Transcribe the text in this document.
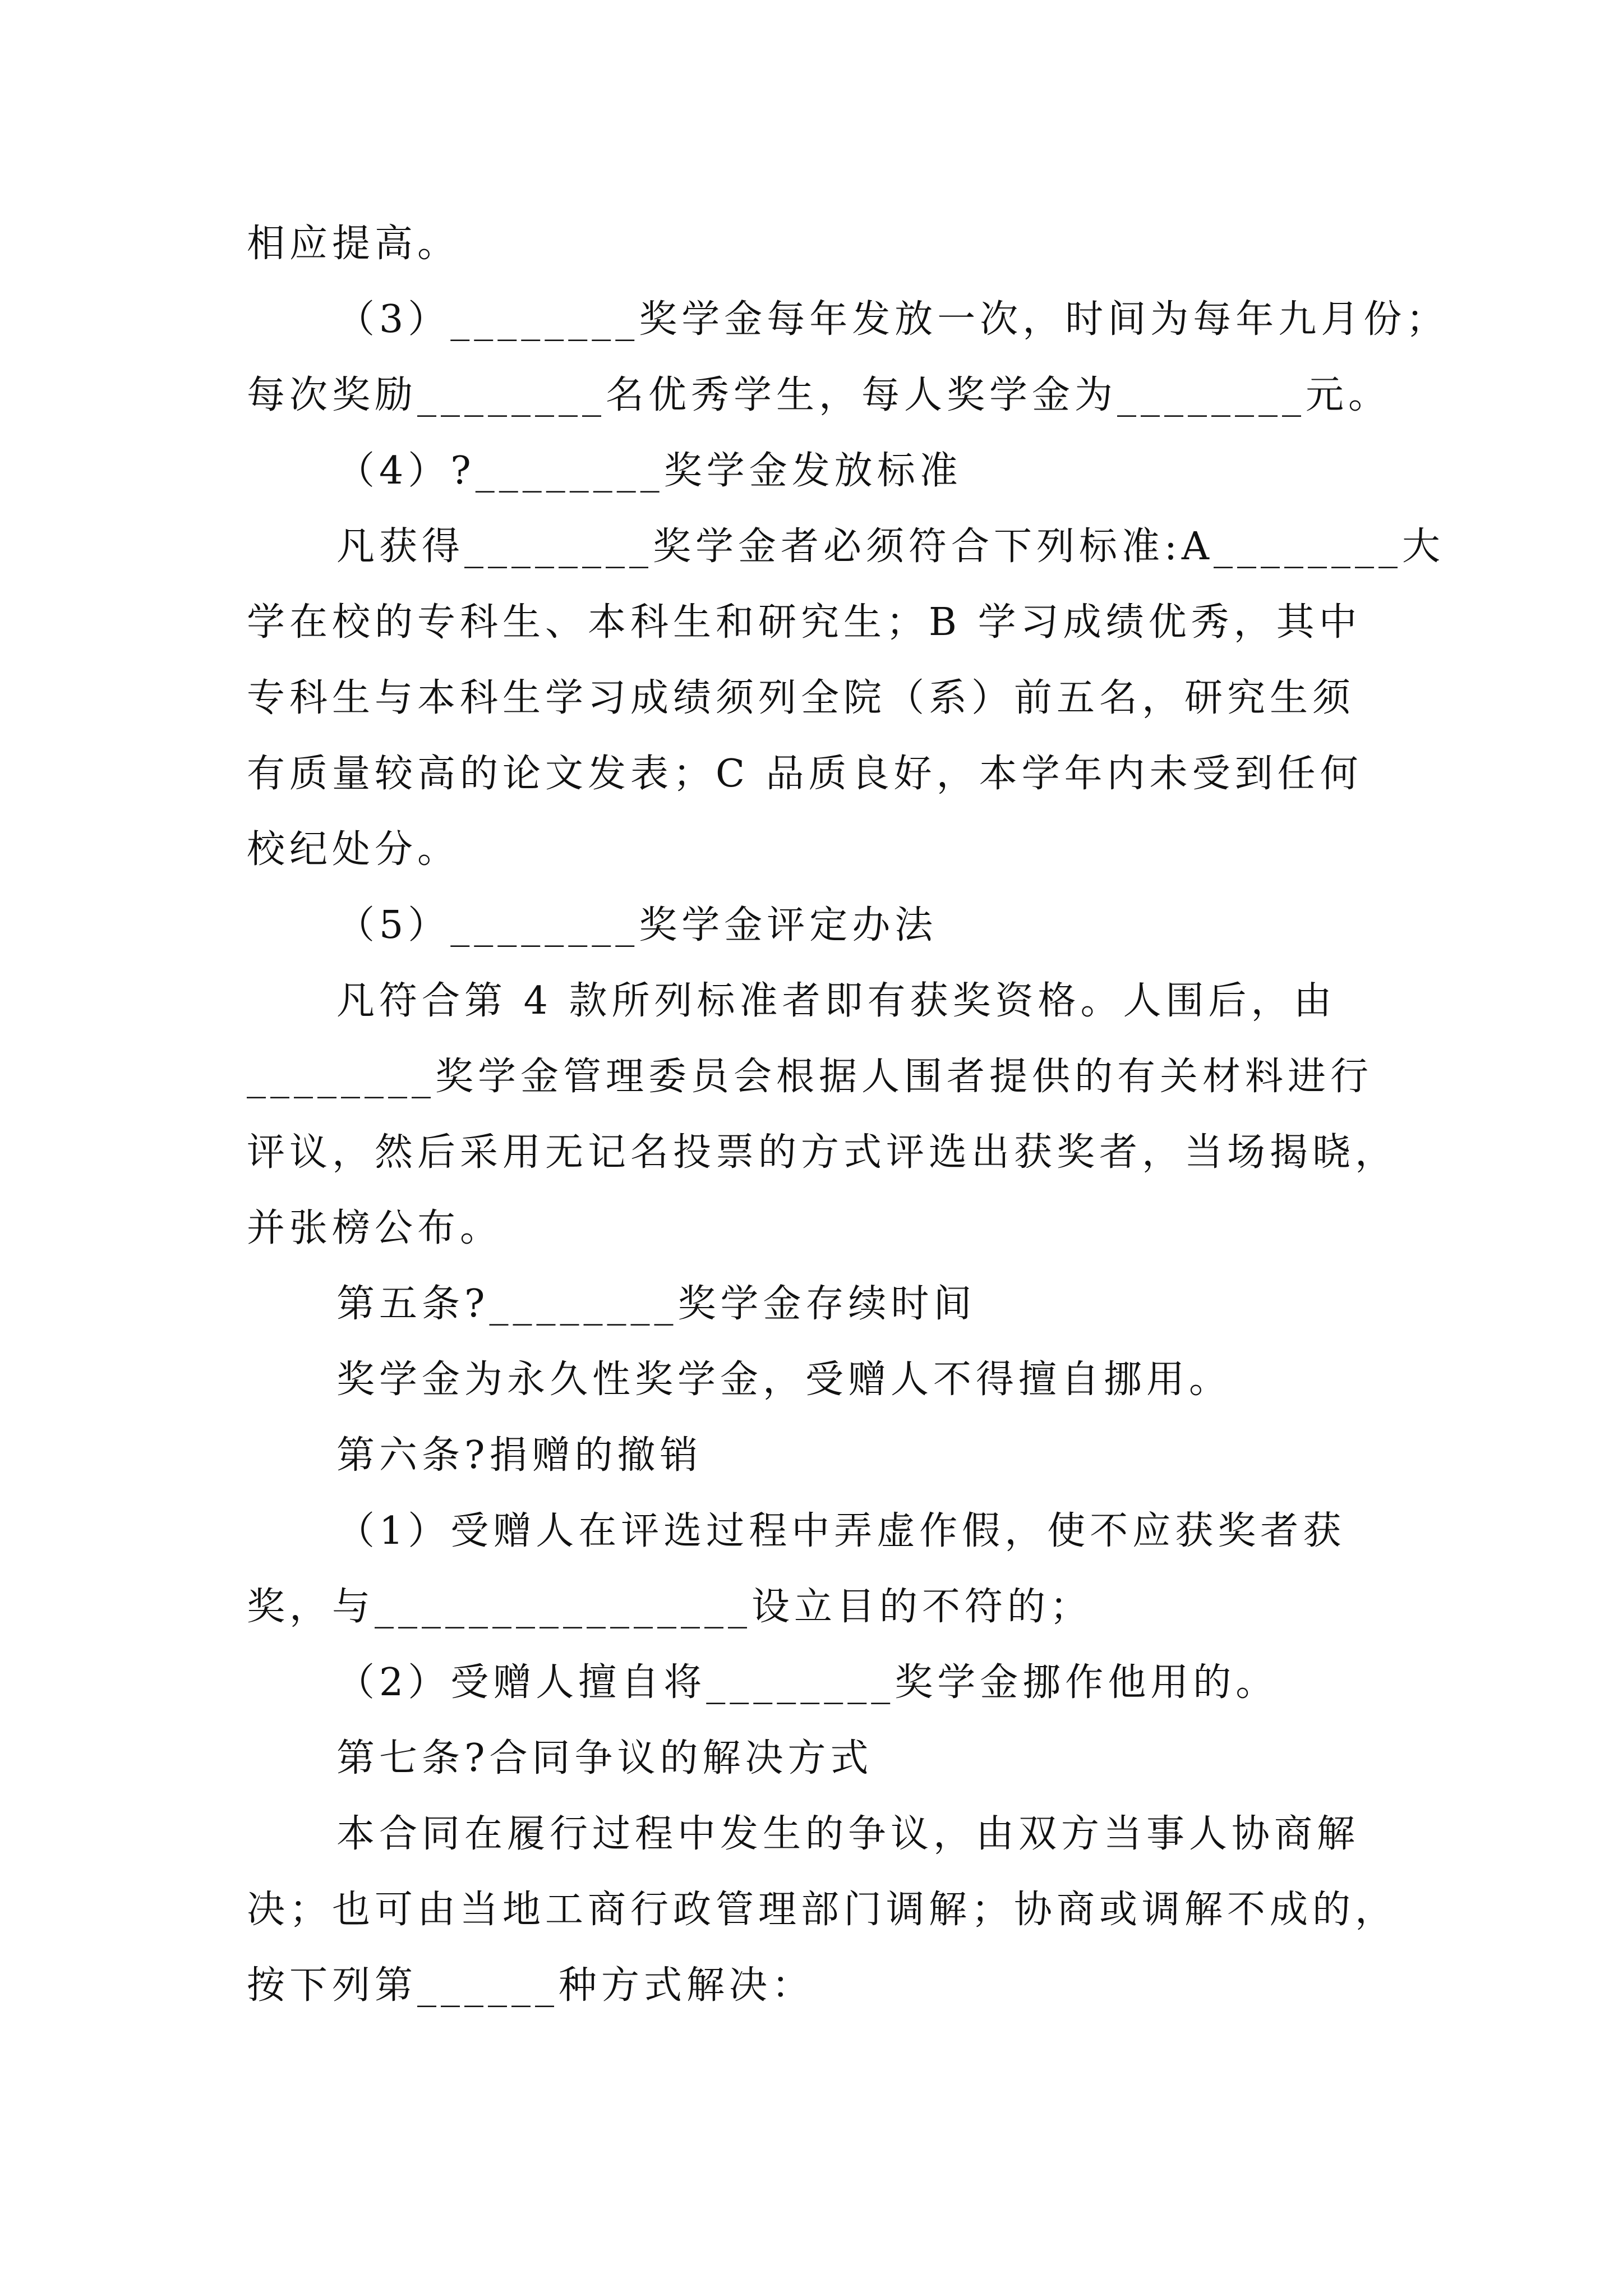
相应提高。
（3）________奖学金每年发放一次，时间为每年九月份；
每次奖励________名优秀学生，每人奖学金为________元。
（4）?________奖学金发放标准
凡获得________奖学金者必须符合下列标准:A________大
学在校的专科生、本科生和研究生；B 学习成绩优秀，其中
专科生与本科生学习成绩须列全院（系）前五名，研究生须
有质量较高的论文发表；C 品质良好，本学年内未受到任何
校纪处分。
（5）________奖学金评定办法
凡符合第 4 款所列标准者即有获奖资格。人围后，由
________奖学金管理委员会根据人围者提供的有关材料进行
评议，然后采用无记名投票的方式评选出获奖者，当场揭晓，
并张榜公布。
第五条?________奖学金存续时间
奖学金为永久性奖学金，受赠人不得擅自挪用。
第六条?捐赠的撤销
（1）受赠人在评选过程中弄虚作假，使不应获奖者获
奖，与________________设立目的不符的；
（2）受赠人擅自将________奖学金挪作他用的。
第七条?合同争议的解决方式
本合同在履行过程中发生的争议，由双方当事人协商解
决；也可由当地工商行政管理部门调解；协商或调解不成的，
按下列第______种方式解决：
